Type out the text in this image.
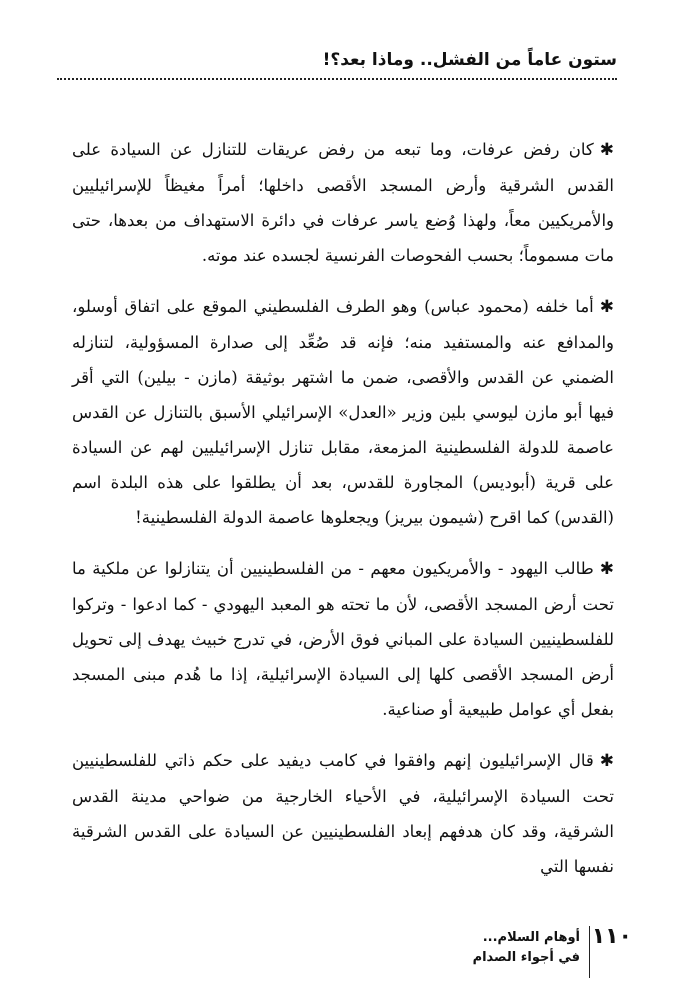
ستون عاماً من الفشل.. وماذا بعد؟!

✱كان رفض عرفات، وما تبعه من رفض عريقات للتنازل عن السيادة على القدس الشرقية وأرض المسجد الأقصى داخلها؛ أمراً مغيظاً للإسرائيليين والأمريكيين معاً، ولهذا وُضع ياسر عرفات في دائرة الاستهداف من بعدها، حتى مات مسموماً؛ بحسب الفحوصات الفرنسية لجسده عند موته.

✱أما خلفه (محمود عباس) وهو الطرف الفلسطيني الموقع على اتفاق أوسلو، والمدافع عنه والمستفيد منه؛ فإنه قد صُعِّد إلى صدارة المسؤولية، لتنازله الضمني عن القدس والأقصى، ضمن ما اشتهر بوثيقة (مازن - بيلين) التي أقر فيها أبو مازن ليوسي بلين وزير «العدل» الإسرائيلي الأسبق بالتنازل عن القدس عاصمة للدولة الفلسطينية المزمعة، مقابل تنازل الإسرائيليين لهم عن السيادة على قرية (أبوديس) المجاورة للقدس، بعد أن يطلقوا على هذه البلدة اسم (القدس) كما اقرح (شيمون بيريز) ويجعلوها عاصمة الدولة الفلسطينية!

✱طالب اليهود - والأمريكيون معهم - من الفلسطينيين أن يتنازلوا عن ملكية ما تحت أرض المسجد الأقصى، لأن ما تحته هو المعبد اليهودي - كما ادعوا - وتركوا للفلسطينيين السيادة على المباني فوق الأرض، في تدرج خبيث يهدف إلى تحويل أرض المسجد الأقصى كلها إلى السيادة الإسرائيلية، إذا ما هُدم مبنى المسجد بفعل أي عوامل طبيعية أو صناعية.

✱قال الإسرائيليون إنهم وافقوا في كامب ديفيد على حكم ذاتي للفلسطينيين تحت السيادة الإسرائيلية، في الأحياء الخارجية من ضواحي مدينة القدس الشرقية، وقد كان هدفهم إبعاد الفلسطينيين عن السيادة على القدس الشرقية نفسها التي

١١٠
أوهام السلام...
في أجواء الصدام
